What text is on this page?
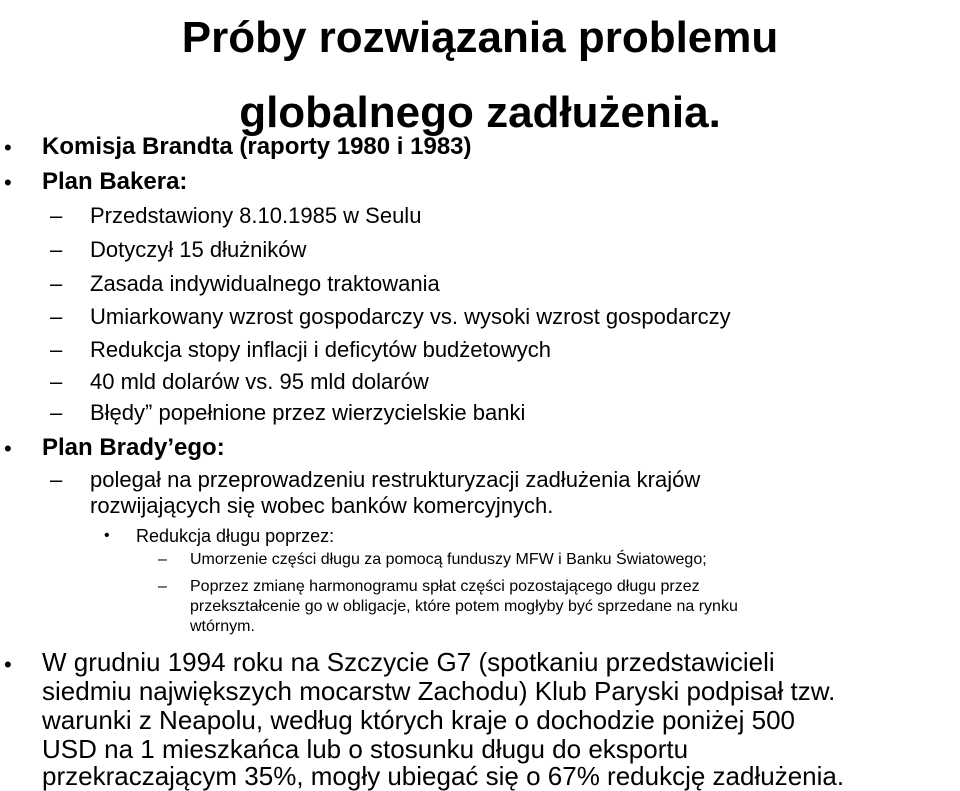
Próby rozwiązania problemu
globalnego zadłużenia.
• Komisja Brandta (raporty 1980 i 1983)
• Plan Bakera:
– Przedstawiony 8.10.1985 w Seulu
– Dotyczył 15 dłużników
– Zasada indywidualnego traktowania
– Umiarkowany wzrost gospodarczy vs. wysoki wzrost gospodarczy
– Redukcja stopy inflacji i deficytów budżetowych
– 40 mld dolarów vs. 95 mld dolarów
– Błędy” popełnione przez wierzycielskie banki
• Plan Brady’ego:
– polegał na przeprowadzeniu restrukturyzacji zadłużenia krajów
rozwijających się wobec banków komercyjnych.
• Redukcja długu poprzez:
– Umorzenie części długu za pomocą funduszy MFW i Banku Światowego;
– Poprzez zmianę harmonogramu spłat części pozostającego długu przez
przekształcenie go w obligacje, które potem mogłyby być sprzedane na rynku
wtórnym.
• W grudniu 1994 roku na Szczycie G7 (spotkaniu przedstawicieli
siedmiu największych mocarstw Zachodu) Klub Paryski podpisał tzw.
warunki z Neapolu, według których kraje o dochodzie poniżej 500
USD na 1 mieszkańca lub o stosunku długu do eksportu
przekraczającym 35%, mogły ubiegać się o 67% redukcję zadłużenia.
